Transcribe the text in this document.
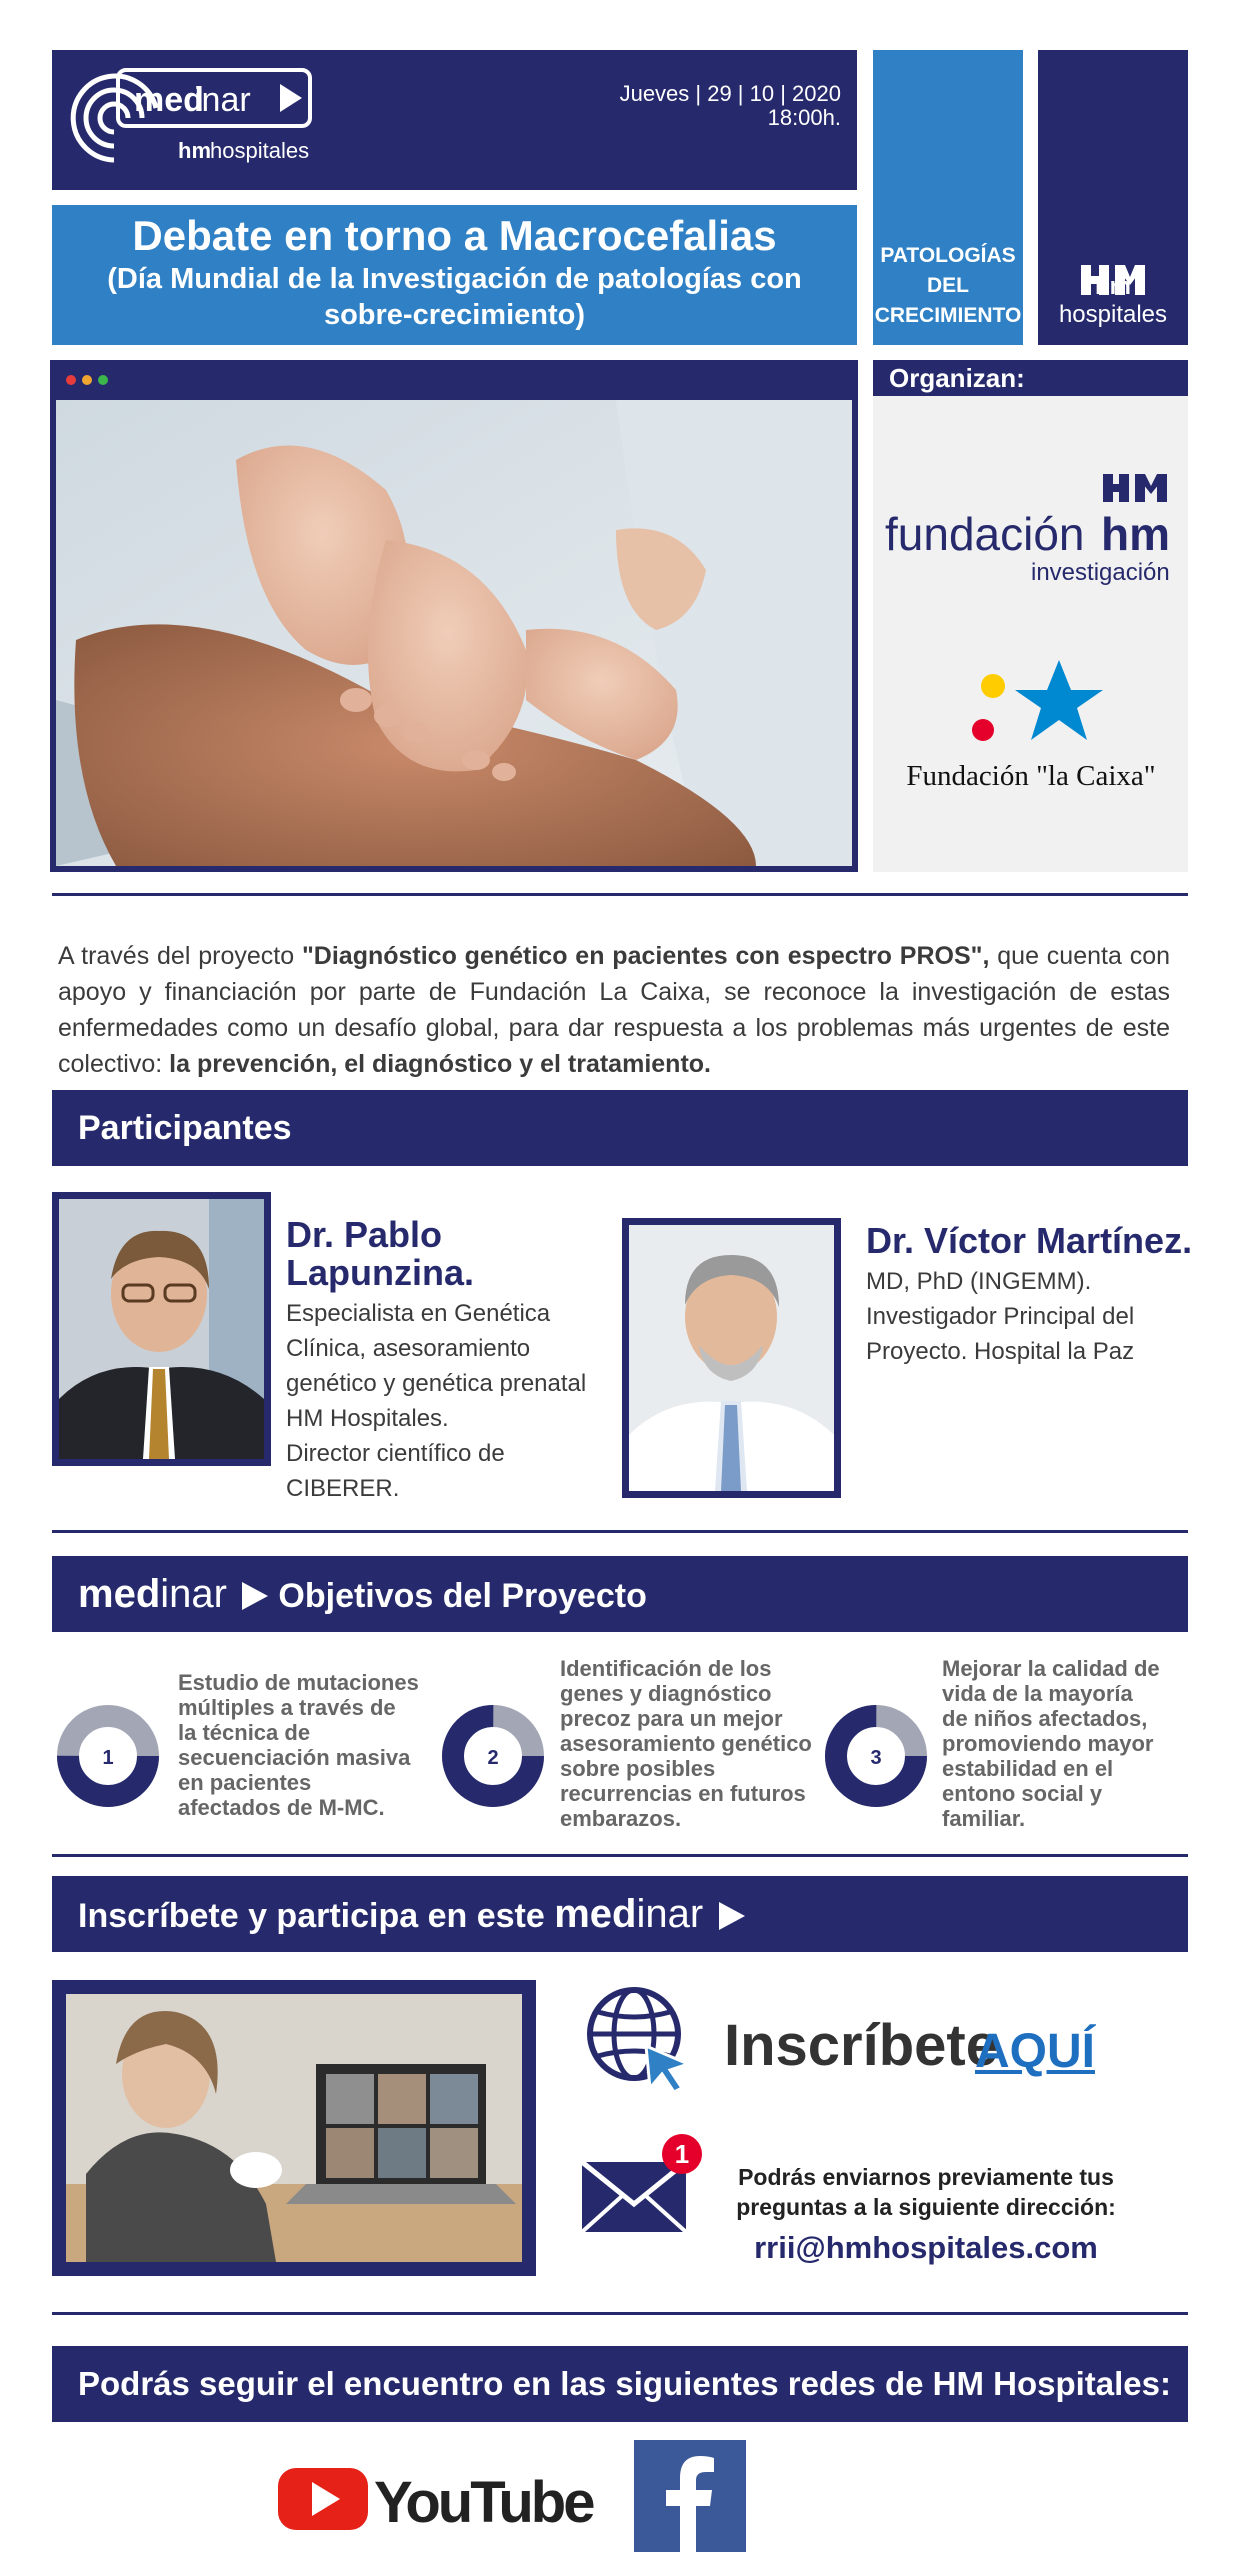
med
inar
hm hospitales
Jueves | 29 | 10 | 2020
18:00h.
Debate en torno a Macrocefalias
(Día Mundial de la Investigación de patologías con sobre-crecimiento)
PATOLOGÍAS
DEL
CRECIMIENTO
hm hospitales
Organizan:
fundación hm
investigación
Fundación "la Caixa"

A través del proyecto "Diagnóstico genético en pacientes con espectro PROS", que cuenta con apoyo y financiación por parte de Fundación La Caixa, se reconoce la investigación de estas enfermedades como un desafío global, para dar respuesta a los problemas más urgentes de este colectivo: la prevención, el diagnóstico y el tratamiento.

Participantes
Dr. Pablo
Lapunzina.
Especialista en Genética
Clínica, asesoramiento
genético y genética prenatal
HM Hospitales.
Director científico de
CIBERER.
Dr. Víctor Martínez.
MD, PhD (INGEMM).
Investigador Principal del
Proyecto. Hospital la Paz
medinar Objetivos del Proyecto
1
Estudio de mutaciones
múltiples a través de
la técnica de
secuenciación masiva
en pacientes
afectados de M-MC.
2
Identificación de los
genes y diagnóstico
precoz para un mejor
asesoramiento genético
sobre posibles
recurrencias en futuros
embarazos.
3
Mejorar la calidad de
vida de la mayoría
de niños afectados,
promoviendo mayor
estabilidad en el
entono social y
familiar.
Inscríbete y participa en este medinar
Inscríbete
AQUÍ
1
Podrás enviarnos previamente tus
preguntas a la siguiente dirección:
rrii@hmhospitales.com
Podrás seguir el encuentro en las siguientes redes de HM Hospitales:
YouTube
